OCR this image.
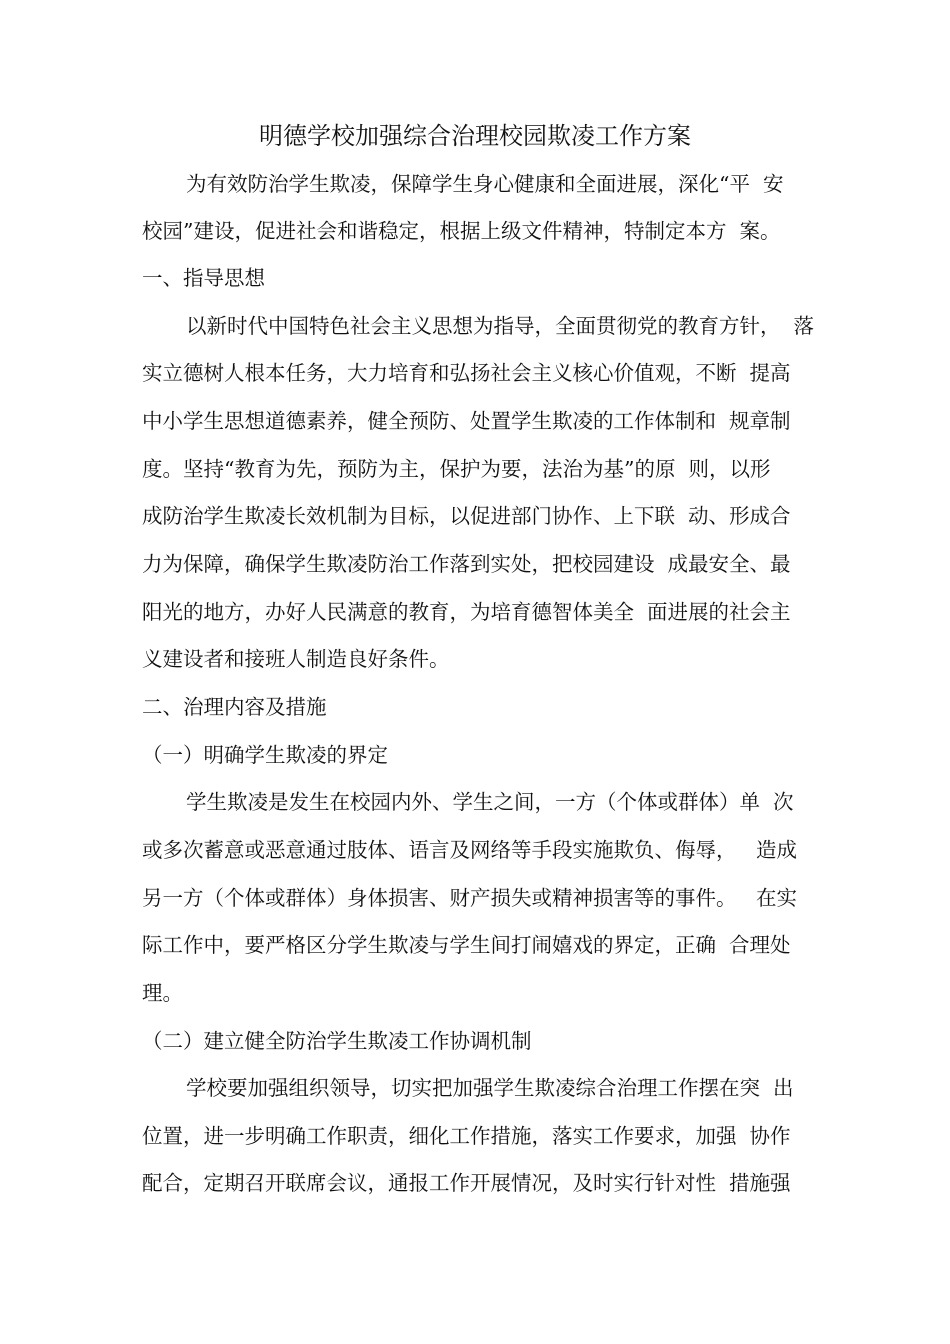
明德学校加强综合治理校园欺凌工作方案
为有效防治学生欺凌，保障学生身心健康和全面进展，深化“平  安
校园”建设，促进社会和谐稳定，根据上级文件精神，特制定本方  案。
一、指导思想
以新时代中国特色社会主义思想为指导，全面贯彻党的教育方针，  落
实立德树人根本任务，大力培育和弘扬社会主义核心价值观，不断  提高
中小学生思想道德素养，健全预防、处置学生欺凌的工作体制和  规章制
度。坚持“教育为先，预防为主，保护为要，法治为基”的原  则，以形
成防治学生欺凌长效机制为目标，以促进部门协作、上下联  动、形成合
力为保障，确保学生欺凌防治工作落到实处，把校园建设  成最安全、最
阳光的地方，办好人民满意的教育，为培育德智体美全  面进展的社会主
义建设者和接班人制造良好条件。
二、治理内容及措施
（一）明确学生欺凌的界定
学生欺凌是发生在校园内外、学生之间，一方（个体或群体）单  次
或多次蓄意或恶意通过肢体、语言及网络等手段实施欺负、侮辱，   造成
另一方（个体或群体）身体损害、财产损失或精神损害等的事件。   在实
际工作中，要严格区分学生欺凌与学生间打闹嬉戏的界定，正确  合理处
理。
（二）建立健全防治学生欺凌工作协调机制
学校要加强组织领导，切实把加强学生欺凌综合治理工作摆在突  出
位置，进一步明确工作职责，细化工作措施，落实工作要求，加强  协作
配合，定期召开联席会议，通报工作开展情况，及时实行针对性  措施强
